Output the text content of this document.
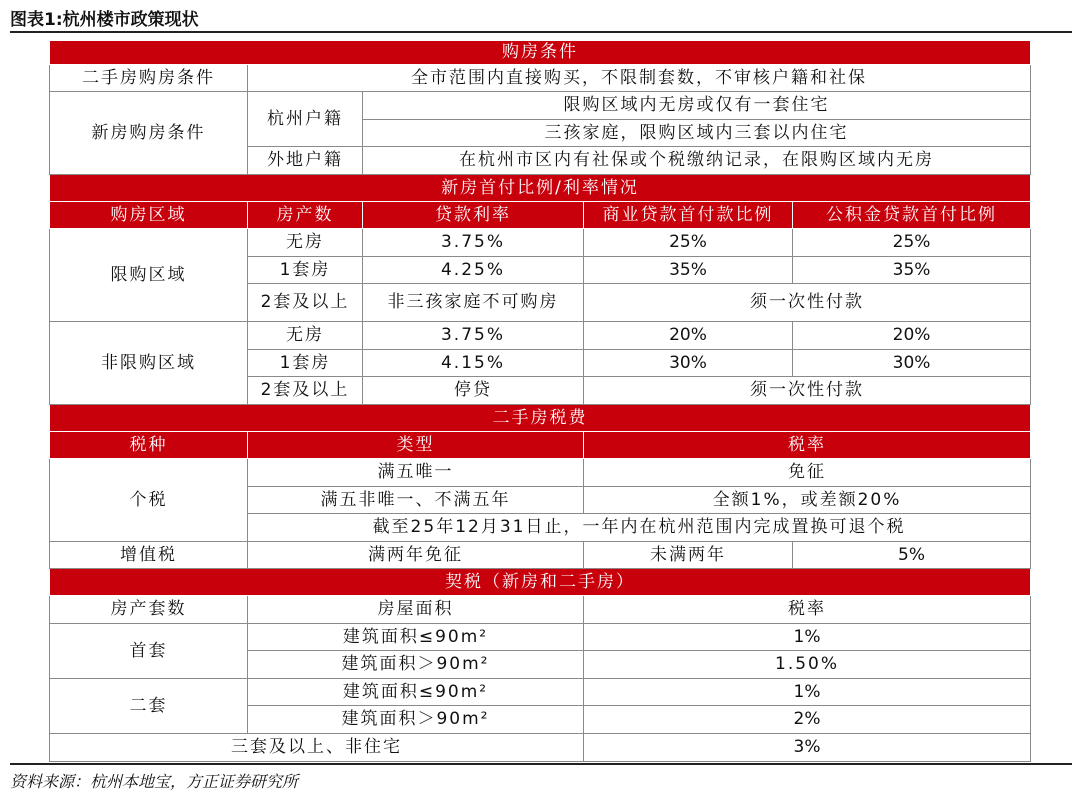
图表1:杭州楼市政策现状
购房条件				
二手房购房条件	全市范围内直接购买，不限制套数，不审核户籍和社保			
新房购房条件	杭州户籍	限购区域内无房或仅有一套住宅		
		三孩家庭，限购区域内三套以内住宅		
	外地户籍	在杭州市区内有社保或个税缴纳记录，在限购区域内无房		
新房首付比例/利率情况				
购房区域	房产数	贷款利率	商业贷款首付款比例	公积金贷款首付比例
限购区域	无房	3.75%	25%	25%
	1套房	4.25%	35%	35%
	2套及以上	非三孩家庭不可购房	须一次性付款	
非限购区域	无房	3.75%	20%	20%
	1套房	4.15%	30%	30%
	2套及以上	停贷	须一次性付款	
二手房税费				
税种	类型		税率	
个税	满五唯一		免征	
	满五非唯一、不满五年		全额1%，或差额20%	
	截至25年12月31日止，一年内在杭州范围内完成置换可退个税			
增值税	满两年免征		未满两年	5%
契税（新房和二手房）				
房产套数	房屋面积		税率	
首套	建筑面积≤90m²		1%	
	建筑面积＞90m²		1.50%	
二套	建筑面积≤90m²		1%	
	建筑面积＞90m²		2%	
三套及以上、非住宅			3%	
资料来源：杭州本地宝，方正证券研究所
